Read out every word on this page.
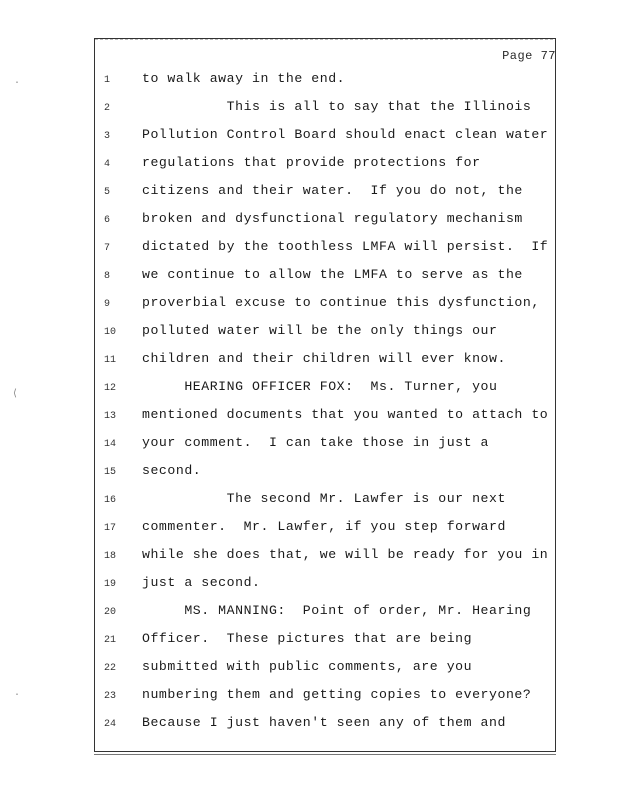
·
⟨
·
Page 77
1	to walk away in the end.
2	This is all to say that the Illinois
3	Pollution Control Board should enact clean water
4	regulations that provide protections for
5	citizens and their water.  If you do not, the
6	broken and dysfunctional regulatory mechanism
7	dictated by the toothless LMFA will persist.  If
8	we continue to allow the LMFA to serve as the
9	proverbial excuse to continue this dysfunction,
10	polluted water will be the only things our
11	children and their children will ever know.
12	HEARING OFFICER FOX:  Ms. Turner, you
13	mentioned documents that you wanted to attach to
14	your comment.  I can take those in just a
15	second.
16	The second Mr. Lawfer is our next
17	commenter.  Mr. Lawfer, if you step forward
18	while she does that, we will be ready for you in
19	just a second.
20	MS. MANNING:  Point of order, Mr. Hearing
21	Officer.  These pictures that are being
22	submitted with public comments, are you
23	numbering them and getting copies to everyone?
24	Because I just haven't seen any of them and
